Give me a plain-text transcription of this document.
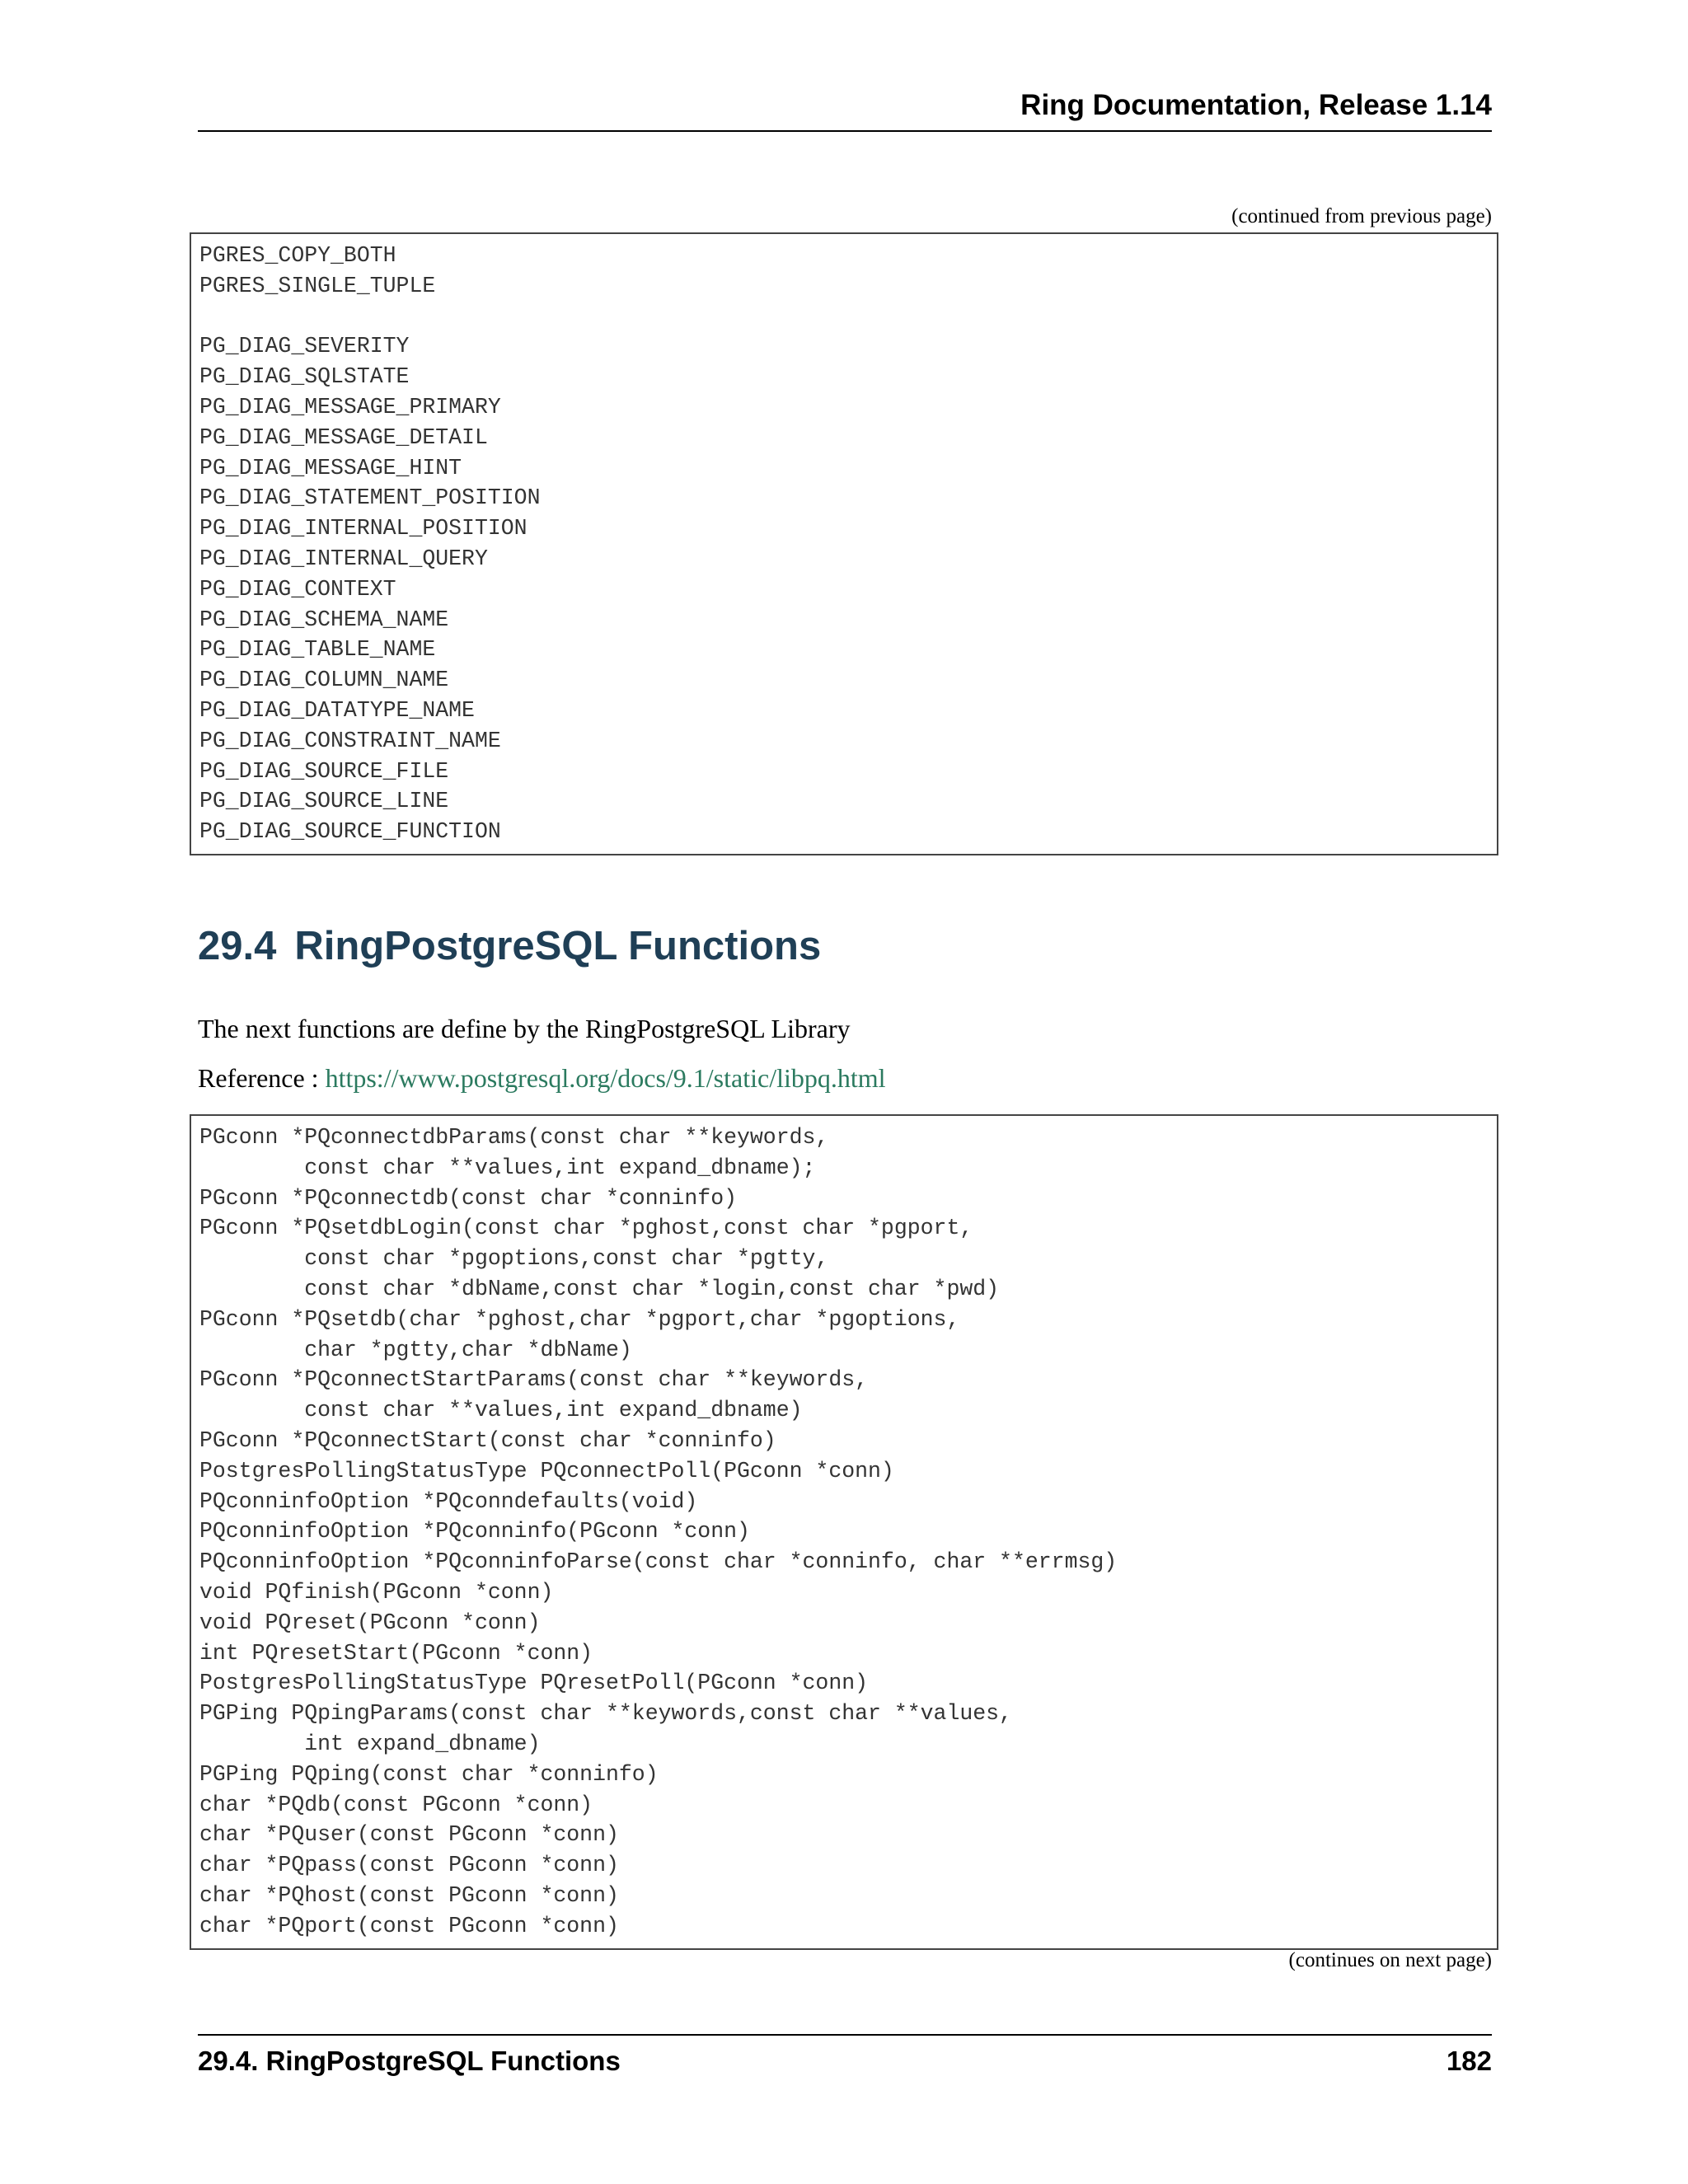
Ring Documentation, Release 1.14
(continued from previous page)
PGRES_COPY_BOTH
PGRES_SINGLE_TUPLE
PG_DIAG_SEVERITY
PG_DIAG_SQLSTATE
PG_DIAG_MESSAGE_PRIMARY
PG_DIAG_MESSAGE_DETAIL
PG_DIAG_MESSAGE_HINT
PG_DIAG_STATEMENT_POSITION
PG_DIAG_INTERNAL_POSITION
PG_DIAG_INTERNAL_QUERY
PG_DIAG_CONTEXT
PG_DIAG_SCHEMA_NAME
PG_DIAG_TABLE_NAME
PG_DIAG_COLUMN_NAME
PG_DIAG_DATATYPE_NAME
PG_DIAG_CONSTRAINT_NAME
PG_DIAG_SOURCE_FILE
PG_DIAG_SOURCE_LINE
PG_DIAG_SOURCE_FUNCTION
29.4 RingPostgreSQL Functions
The next functions are define by the RingPostgreSQL Library
Reference : https://www.postgresql.org/docs/9.1/static/libpq.html
PGconn *PQconnectdbParams(const char **keywords,
const char **values,int expand_dbname);
PGconn *PQconnectdb(const char *conninfo)
PGconn *PQsetdbLogin(const char *pghost,const char *pgport,
const char *pgoptions,const char *pgtty,
const char *dbName,const char *login,const char *pwd)
PGconn *PQsetdb(char *pghost,char *pgport,char *pgoptions,
char *pgtty,char *dbName)
PGconn *PQconnectStartParams(const char **keywords,
const char **values,int expand_dbname)
PGconn *PQconnectStart(const char *conninfo)
PostgresPollingStatusType PQconnectPoll(PGconn *conn)
PQconninfoOption *PQconndefaults(void)
PQconninfoOption *PQconninfo(PGconn *conn)
PQconninfoOption *PQconninfoParse(const char *conninfo, char **errmsg)
void PQfinish(PGconn *conn)
void PQreset(PGconn *conn)
int PQresetStart(PGconn *conn)
PostgresPollingStatusType PQresetPoll(PGconn *conn)
PGPing PQpingParams(const char **keywords,const char **values,
int expand_dbname)
PGPing PQping(const char *conninfo)
char *PQdb(const PGconn *conn)
char *PQuser(const PGconn *conn)
char *PQpass(const PGconn *conn)
char *PQhost(const PGconn *conn)
char *PQport(const PGconn *conn)
(continues on next page)
29.4. RingPostgreSQL Functions	182
